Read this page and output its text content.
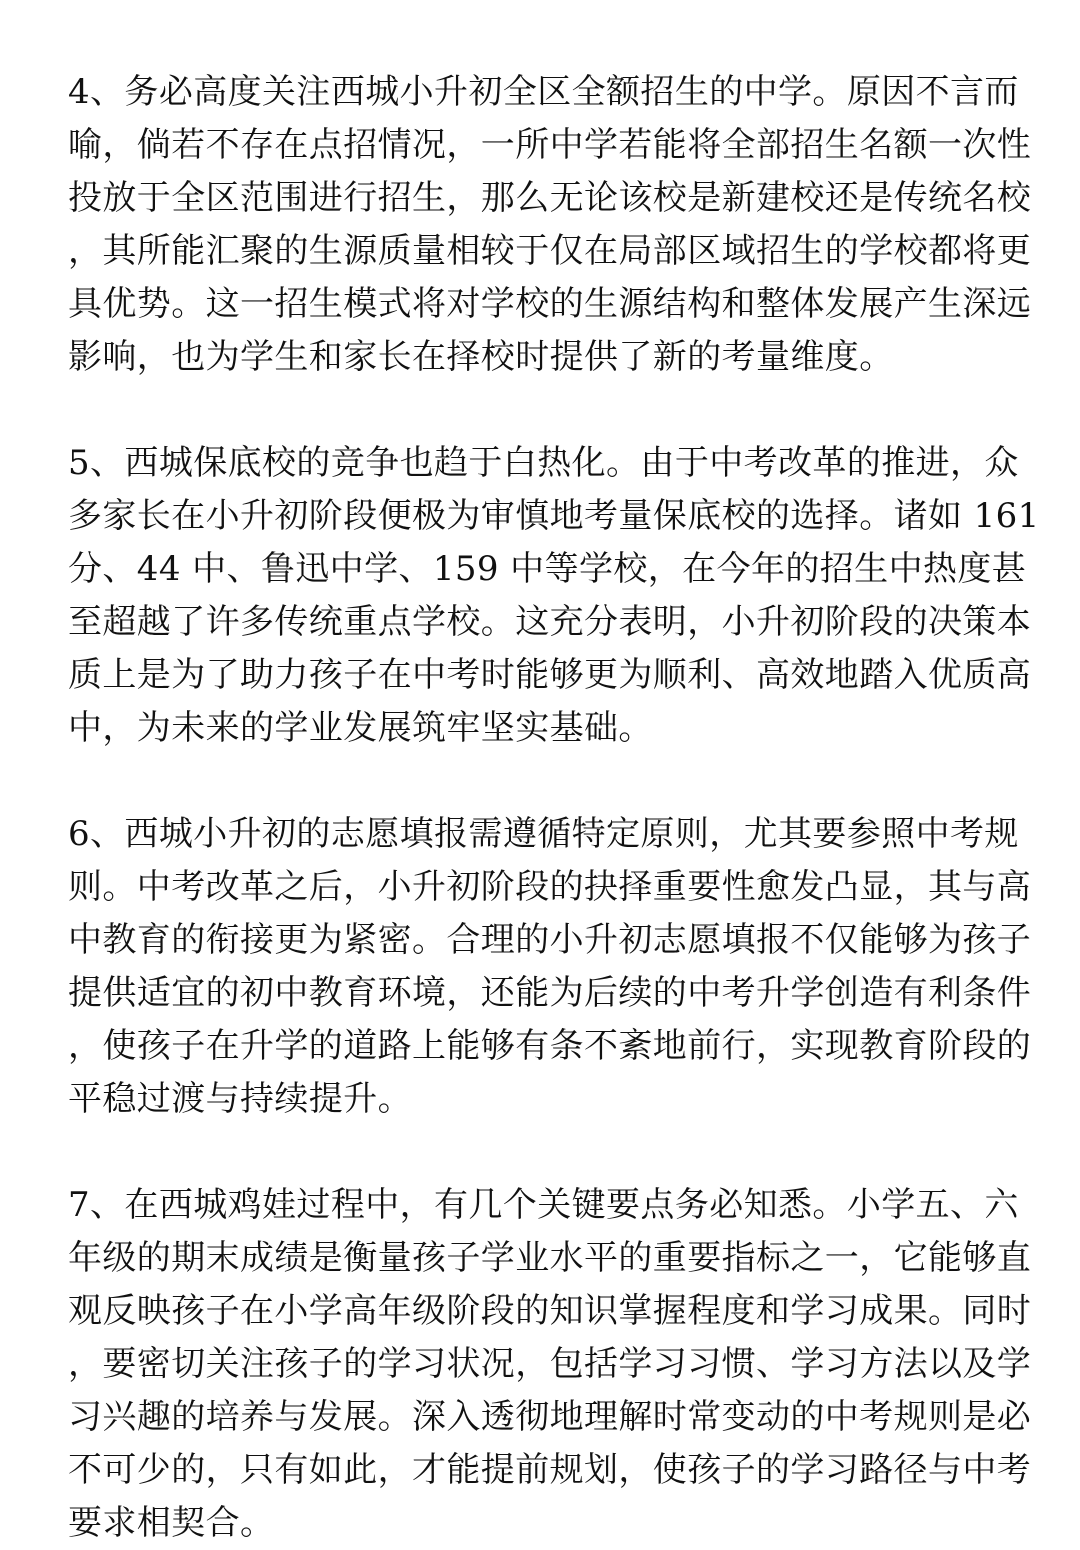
4、务必高度关注西城小升初全区全额招生的中学。原因不言而
喻，倘若不存在点招情况，一所中学若能将全部招生名额一次性
投放于全区范围进行招生，那么无论该校是新建校还是传统名校
，其所能汇聚的生源质量相较于仅在局部区域招生的学校都将更
具优势。这一招生模式将对学校的生源结构和整体发展产生深远
影响，也为学生和家长在择校时提供了新的考量维度。

5、西城保底校的竞争也趋于白热化。由于中考改革的推进，众
多家长在小升初阶段便极为审慎地考量保底校的选择。诸如 161
分、44 中、鲁迅中学、159 中等学校，在今年的招生中热度甚
至超越了许多传统重点学校。这充分表明，小升初阶段的决策本
质上是为了助力孩子在中考时能够更为顺利、高效地踏入优质高
中，为未来的学业发展筑牢坚实基础。

6、西城小升初的志愿填报需遵循特定原则，尤其要参照中考规
则。中考改革之后，小升初阶段的抉择重要性愈发凸显，其与高
中教育的衔接更为紧密。合理的小升初志愿填报不仅能够为孩子
提供适宜的初中教育环境，还能为后续的中考升学创造有利条件
，使孩子在升学的道路上能够有条不紊地前行，实现教育阶段的
平稳过渡与持续提升。

7、在西城鸡娃过程中，有几个关键要点务必知悉。小学五、六
年级的期末成绩是衡量孩子学业水平的重要指标之一，它能够直
观反映孩子在小学高年级阶段的知识掌握程度和学习成果。同时
，要密切关注孩子的学习状况，包括学习习惯、学习方法以及学
习兴趣的培养与发展。深入透彻地理解时常变动的中考规则是必
不可少的，只有如此，才能提前规划，使孩子的学习路径与中考
要求相契合。
